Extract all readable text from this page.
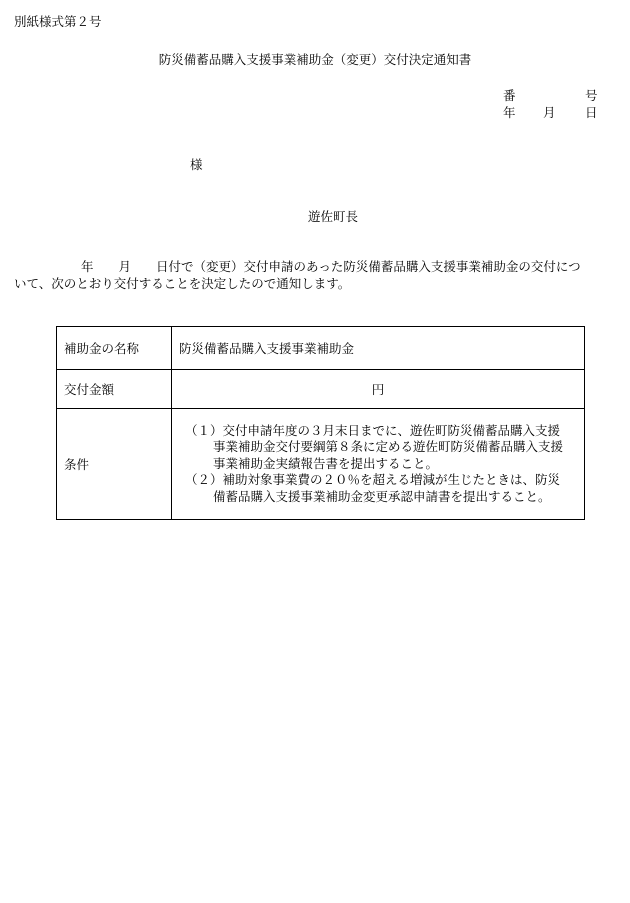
別紙様式第２号
防災備蓄品購入支援事業補助金（変更）交付決定通知書
番	号
年 月 日
様
遊佐町長
年　　月　　日付で（変更）交付申請のあった防災備蓄品購入支援事業補助金の交付につ
いて、次のとおり交付することを決定したので通知します。
補助金の名称	防災備蓄品購入支援事業補助金
交付金額	円
条件	（１）交付申請年度の３月末日までに、遊佐町防災備蓄品購入支援
事業補助金交付要綱第８条に定める遊佐町防災備蓄品購入支援
事業補助金実績報告書を提出すること。
（２）補助対象事業費の２０％を超える増減が生じたときは、防災
備蓄品購入支援事業補助金変更承認申請書を提出すること。
